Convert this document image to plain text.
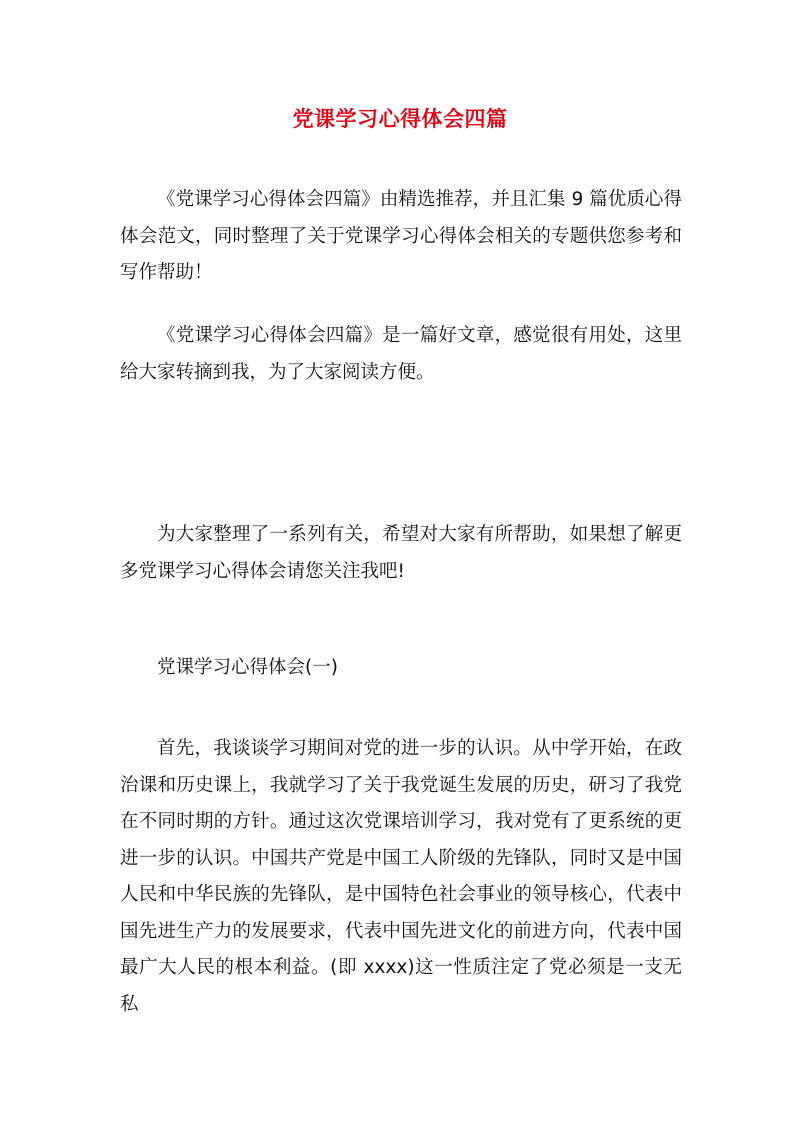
党课学习心得体会四篇

《党课学习心得体会四篇》由精选推荐，并且汇集 9 篇优质心得体会范文，同时整理了关于党课学习心得体会相关的专题供您参考和写作帮助！

《党课学习心得体会四篇》是一篇好文章，感觉很有用处，这里给大家转摘到我，为了大家阅读方便。

为大家整理了一系列有关，希望对大家有所帮助，如果想了解更多党课学习心得体会请您关注我吧!

党课学习心得体会(一)

首先，我谈谈学习期间对党的进一步的认识。从中学开始，在政治课和历史课上，我就学习了关于我党诞生发展的历史，研习了我党在不同时期的方针。通过这次党课培训学习，我对党有了更系统的更进一步的认识。中国共产党是中国工人阶级的先锋队，同时又是中国人民和中华民族的先锋队，是中国特色社会事业的领导核心，代表中国先进生产力的发展要求，代表中国先进文化的前进方向，代表中国最广大人民的根本利益。(即 xxxx)这一性质注定了党必须是一支无私
